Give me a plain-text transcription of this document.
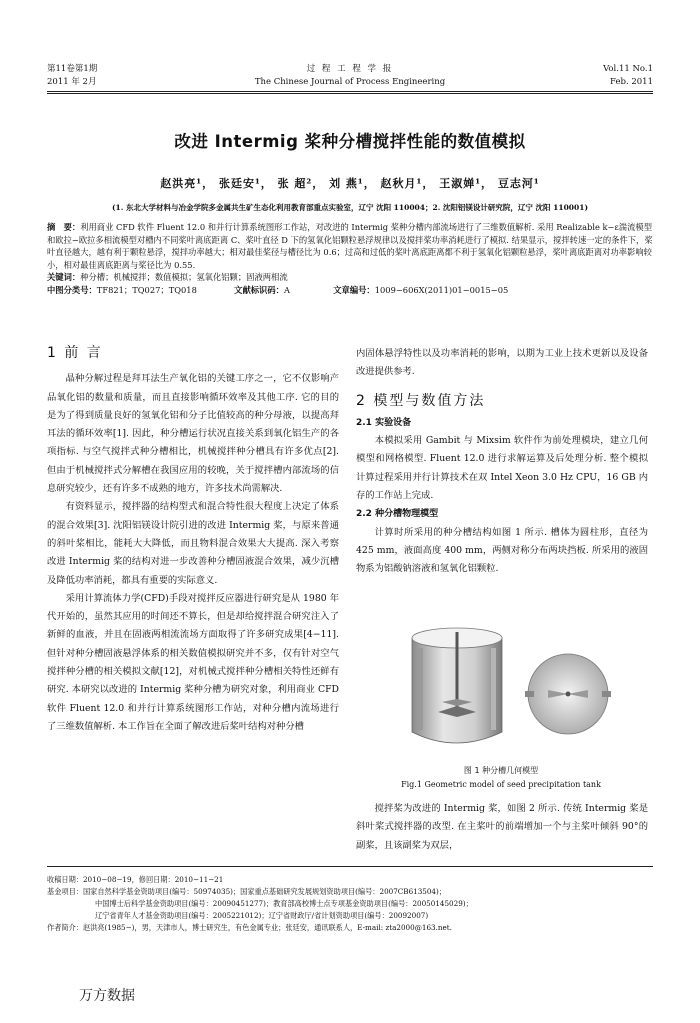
第11卷第1期
2011 年 2月
过 程 工 程 学 报
The Chinese Journal of Process Engineering
Vol.11 No.1
Feb. 2011
改进 Intermig 桨种分槽搅拌性能的数值模拟
赵洪亮¹， 张廷安¹， 张 超²， 刘 燕¹， 赵秋月¹， 王淑婵¹， 豆志河¹
(1. 东北大学材料与冶金学院多金属共生矿生态化利用教育部重点实验室，辽宁 沈阳 110004；2. 沈阳铝镁设计研究院，辽宁 沈阳 110001)

摘　要：利用商业 CFD 软件 Fluent 12.0 和并行计算系统图形工作站，对改进的 Intermig 桨种分槽内部流场进行了三维数值解析. 采用 Realizable k−ε湍流模型和欧拉−欧拉多相流模型对槽内不同桨叶离底距离 C、桨叶直径 D 下的氢氧化铝颗粒悬浮规律以及搅拌桨功率消耗进行了模拟. 结果显示，搅拌转速一定的条件下，桨叶直径越大，越有利于颗粒悬浮，搅拌功率越大；相对最佳桨径与槽径比为 0.6；过高和过低的桨叶离底距离都不利于氢氧化铝颗粒悬浮，桨叶离底距离对功率影响较小，相对最佳离底距离与桨径比为 0.55.

关键词：种分槽；机械搅拌；数值模拟；氢氧化铝颗；固液两相流

中图分类号：TF821；TQ027；TQ018	文献标识码：A	文章编号：1009−606X(2011)01−0015−05

1 前 言

晶种分解过程是拜耳法生产氧化铝的关键工序之一，它不仅影响产品氧化铝的数量和质量，而且直接影响循环效率及其他工序. 它的目的是为了得到质量良好的氢氧化铝和分子比值较高的种分母液，以提高拜耳法的循环效率[1]. 因此，种分槽运行状况直接关系到氧化铝生产的各项指标. 与空气搅拌式种分槽相比，机械搅拌种分槽具有许多优点[2]. 但由于机械搅拌式分解槽在我国应用的较晚，关于搅拌槽内部流场的信息研究较少，还有许多不成熟的地方，许多技术尚需解决.

有资料显示，搅拌器的结构型式和混合特性很大程度上决定了体系的混合效果[3]. 沈阳铝镁设计院引进的改进 Intermig 桨，与原来普通的斜叶桨相比，能耗大大降低，而且物料混合效果大大提高. 深入考察改进 Intermig 桨的结构对进一步改善种分槽固液混合效果，减少沉槽及降低功率消耗，都具有重要的实际意义.

采用计算流体力学(CFD)手段对搅拌反应器进行研究是从 1980 年代开始的，虽然其应用的时间还不算长，但是却给搅拌混合研究注入了新鲜的血液，并且在固液两相流流场方面取得了许多研究成果[4−11]. 但针对种分槽固液悬浮体系的相关数值模拟研究并不多，仅有针对空气搅拌种分槽的相关模拟文献[12]，对机械式搅拌种分槽相关特性还鲜有研究. 本研究以改进的 Intermig 桨种分槽为研究对象，利用商业 CFD 软件 Fluent 12.0 和并行计算系统图形工作站，对种分槽内流场进行了三维数值解析. 本工作旨在全面了解改进后桨叶结构对种分槽

内固体悬浮特性以及功率消耗的影响，以期为工业上技术更新以及设备改进提供参考.

2 模型与数值方法
2.1 实验设备

本模拟采用 Gambit 与 Mixsim 软件作为前处理模块，建立几何模型和网格模型. Fluent 12.0 进行求解运算及后处理分析. 整个模拟计算过程采用并行计算技术在双 Intel Xeon 3.0 Hz CPU，16 GB 内存的工作站上完成.

2.2 种分槽物理模型

计算时所采用的种分槽结构如图 1 所示. 槽体为圆柱形，直径为 425 mm，液面高度 400 mm，两侧对称分布两块挡板. 所采用的液固物系为铝酸钠溶液和氢氧化铝颗粒.

图 1 种分槽几何模型
Fig.1 Geometric model of seed precipitation tank

搅拌桨为改进的 Intermig 桨，如图 2 所示. 传统 Intermig 桨是斜叶桨式搅拌器的改型. 在主桨叶的前端增加一个与主桨叶倾斜 90°的副桨，且该副桨为双层，

收稿日期：2010−08−19，修回日期：2010−11−21

基金项目：国家自然科学基金资助项目(编号：50974035)；国家重点基础研究发展规划资助项目(编号：2007CB613504)；

中国博士后科学基金资助项目(编号：20090451277)；教育部高校博士点专项基金资助项目(编号：20050145029)；

辽宁省青年人才基金资助项目(编号：2005221012)；辽宁省财政厅/省计划资助项目(编号：20092007)

作者简介：赵洪亮(1985−)，男，天津市人，博士研究生，有色金属专业；张廷安，通讯联系人，E-mail: zta2000@163.net.

万方数据
